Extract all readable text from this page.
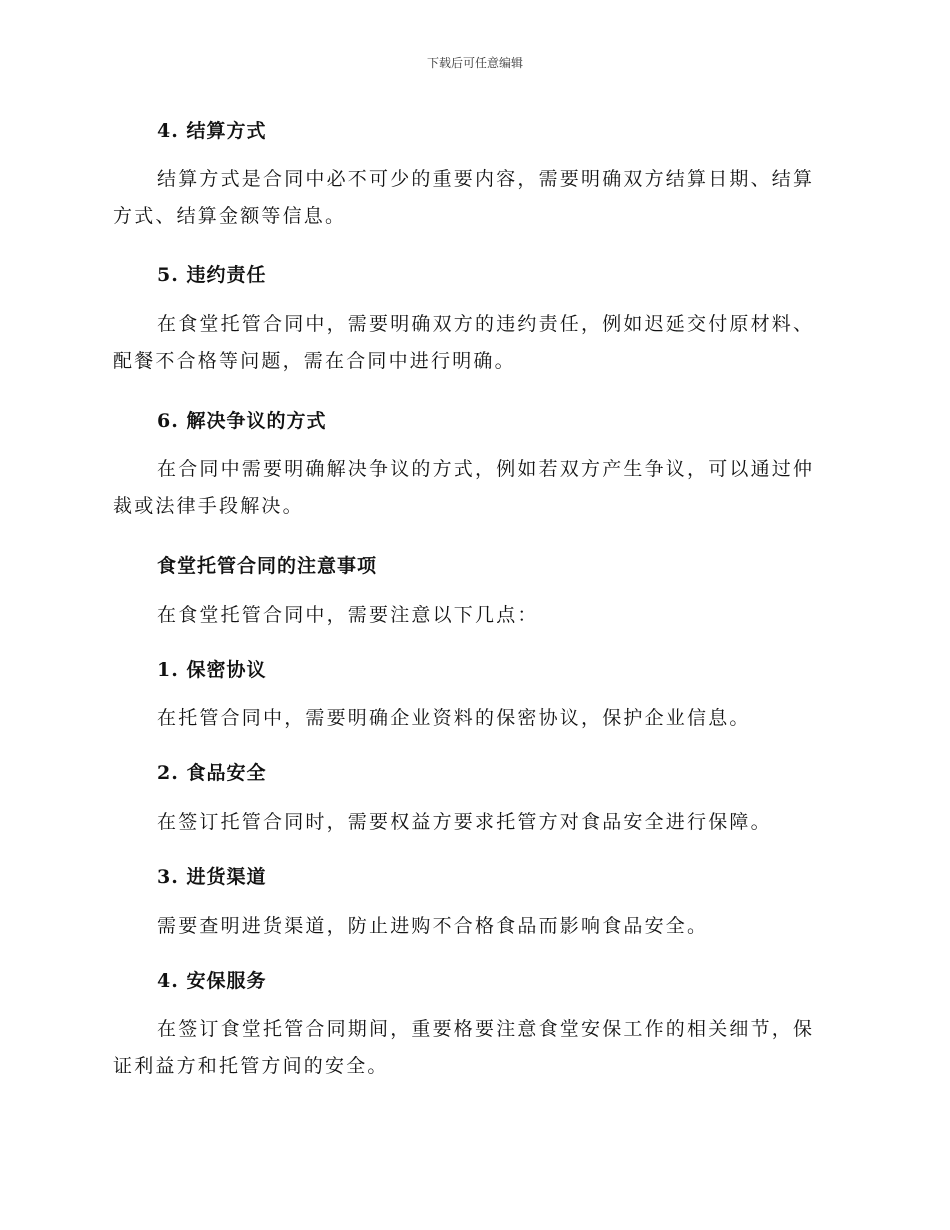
下载后可任意编辑
4. 结算方式
结算方式是合同中必不可少的重要内容，需要明确双方结算日期、结算方式、结算金额等信息。
5. 违约责任
在食堂托管合同中，需要明确双方的违约责任，例如迟延交付原材料、配餐不合格等问题，需在合同中进行明确。
6. 解决争议的方式
在合同中需要明确解决争议的方式，例如若双方产生争议，可以通过仲裁或法律手段解决。
食堂托管合同的注意事项
在食堂托管合同中，需要注意以下几点：
1. 保密协议
在托管合同中，需要明确企业资料的保密协议，保护企业信息。
2. 食品安全
在签订托管合同时，需要权益方要求托管方对食品安全进行保障。
3. 进货渠道
需要查明进货渠道，防止进购不合格食品而影响食品安全。
4. 安保服务
在签订食堂托管合同期间，重要格要注意食堂安保工作的相关细节，保证利益方和托管方间的安全。
